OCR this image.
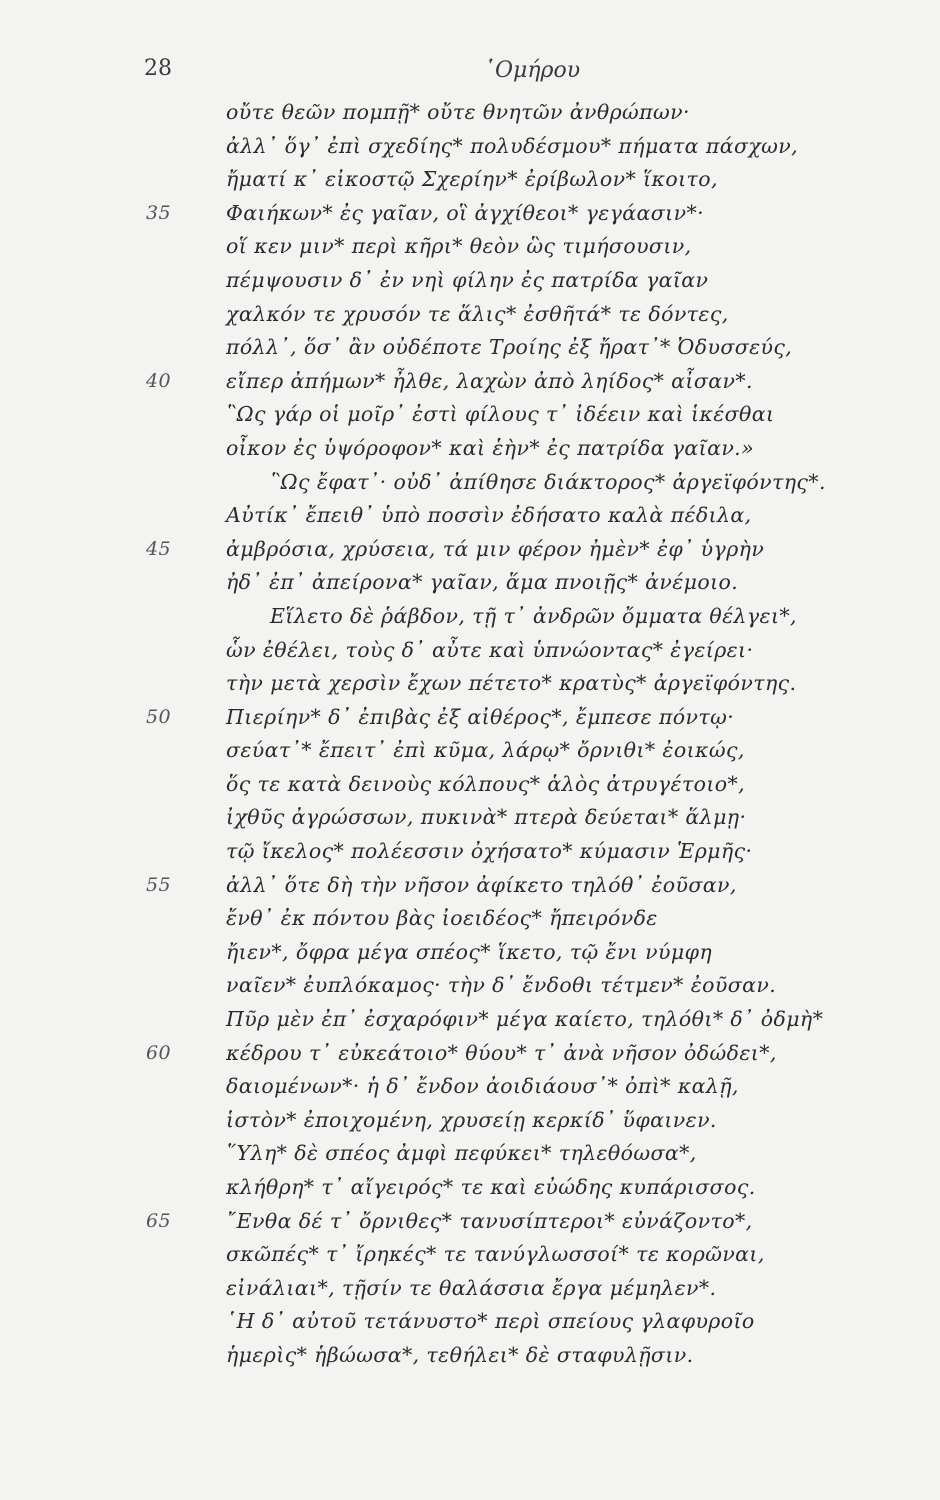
28	῾Ομήρου
οὔτε θεῶν πομπῇ* οὔτε θνητῶν ἀνθρώπων·
ἀλλ᾽ ὅγ᾽ ἐπὶ σχεδίης* πολυδέσμου* πήματα πάσχων,
ἤματί κ᾽ εἰκοστῷ Σχερίην* ἐρίβωλον* ἵκοιτο,
35	Φαιήκων* ἐς γαῖαν, οἳ ἀγχίθεοι* γεγάασιν*·
οἵ κεν μιν* περὶ κῆρι* θεὸν ὣς τιμήσουσιν,
πέμψουσιν δ᾽ ἐν νηὶ φίλην ἐς πατρίδα γαῖαν
χαλκόν τε χρυσόν τε ἅλις* ἐσθῆτά* τε δόντες,
πόλλ᾽, ὅσ᾽ ἂν οὐδέποτε Τροίης ἐξ ἤρατ᾽* Ὀδυσσεύς,
40	εἴπερ ἀπήμων* ἦλθε, λαχὼν ἀπὸ ληίδος* αἶσαν*.
῝Ως γάρ οἱ μοῖρ᾽ ἐστὶ φίλους τ᾽ ἰδέειν καὶ ἱκέσθαι
οἶκον ἐς ὑψόροφον* καὶ ἑὴν* ἐς πατρίδα γαῖαν.»
῝Ως ἔφατ᾽· οὐδ᾽ ἀπίθησε διάκτορος* ἀργεϊφόντης*.
Αὐτίκ᾽ ἔπειθ᾽ ὑπὸ ποσσὶν ἐδήσατο καλὰ πέδιλα,
45	ἀμβρόσια, χρύσεια, τά μιν φέρον ἠμὲν* ἐφ᾽ ὑγρὴν
ἠδ᾽ ἐπ᾽ ἀπείρονα* γαῖαν, ἅμα πνοιῇς* ἀνέμοιο.
Εἵλετο δὲ ῥάβδον, τῇ τ᾽ ἀνδρῶν ὄμματα θέλγει*,
ὧν ἐθέλει, τοὺς δ᾽ αὖτε καὶ ὑπνώοντας* ἐγείρει·
τὴν μετὰ χερσὶν ἔχων πέτετο* κρατὺς* ἀργεϊφόντης.
50	Πιερίην* δ᾽ ἐπιβὰς ἐξ αἰθέρος*, ἔμπεσε πόντῳ·
σεύατ᾽* ἔπειτ᾽ ἐπὶ κῦμα, λάρῳ* ὄρνιθι* ἐοικώς,
ὅς τε κατὰ δεινοὺς κόλπους* ἁλὸς ἀτρυγέτοιο*,
ἰχθῦς ἀγρώσσων, πυκινὰ* πτερὰ δεύεται* ἅλμῃ·
τῷ ἴκελος* πολέεσσιν ὀχήσατο* κύμασιν Ἑρμῆς·
55	ἀλλ᾽ ὅτε δὴ τὴν νῆσον ἀφίκετο τηλόθ᾽ ἐοῦσαν,
ἔνθ᾽ ἐκ πόντου βὰς ἰοειδέος* ἤπειρόνδε
ἤιεν*, ὄφρα μέγα σπέος* ἵκετο, τῷ ἔνι νύμφη
ναῖεν* ἐυπλόκαμος· τὴν δ᾽ ἔνδοθι τέτμεν* ἐοῦσαν.
Πῦρ μὲν ἐπ᾽ ἐσχαρόφιν* μέγα καίετο, τηλόθι* δ᾽ ὀδμὴ*
60	κέδρου τ᾽ εὐκεάτοιο* θύου* τ᾽ ἀνὰ νῆσον ὀδώδει*,
δαιομένων*· ἡ δ᾽ ἔνδον ἀοιδιάουσ᾽* ὀπὶ* καλῇ,
ἱστὸν* ἐποιχομένη, χρυσείῃ κερκίδ᾽ ὕφαινεν.
῞Υλη* δὲ σπέος ἀμφὶ πεφύκει* τηλεθόωσα*,
κλήθρη* τ᾽ αἴγειρός* τε καὶ εὐώδης κυπάρισσος.
65	῎Ενθα δέ τ᾽ ὄρνιθες* τανυσίπτεροι* εὐνάζοντο*,
σκῶπές* τ᾽ ἴρηκές* τε τανύγλωσσοί* τε κορῶναι,
εἰνάλιαι*, τῇσίν τε θαλάσσια ἔργα μέμηλεν*.
῾Η δ᾽ αὐτοῦ τετάνυστο* περὶ σπείους γλαφυροῖο
ἡμερὶς* ἡβώωσα*, τεθήλει* δὲ σταφυλῇσιν.
